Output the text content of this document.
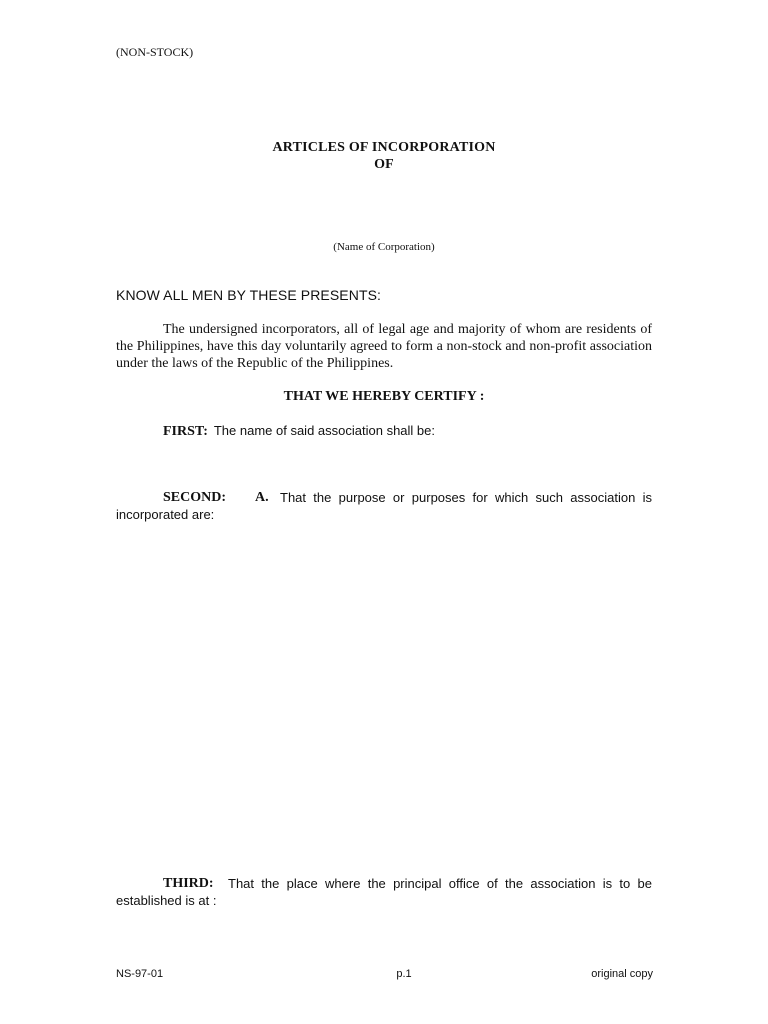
(NON-STOCK)
ARTICLES OF INCORPORATION
OF
(Name of Corporation)
KNOW ALL MEN BY THESE PRESENTS:
The undersigned incorporators, all of legal age and majority of whom are residents of the Philippines, have this day voluntarily agreed to form a non-stock and non-profit association under the laws of the Republic of the Philippines.
THAT WE HEREBY CERTIFY :
FIRST: The name of said association shall be:
SECOND: A. That the purpose or purposes for which such association is
incorporated are:
THIRD: That the place where the principal office of the association is to be
established is at :
NS-97-01	p.1	original copy
